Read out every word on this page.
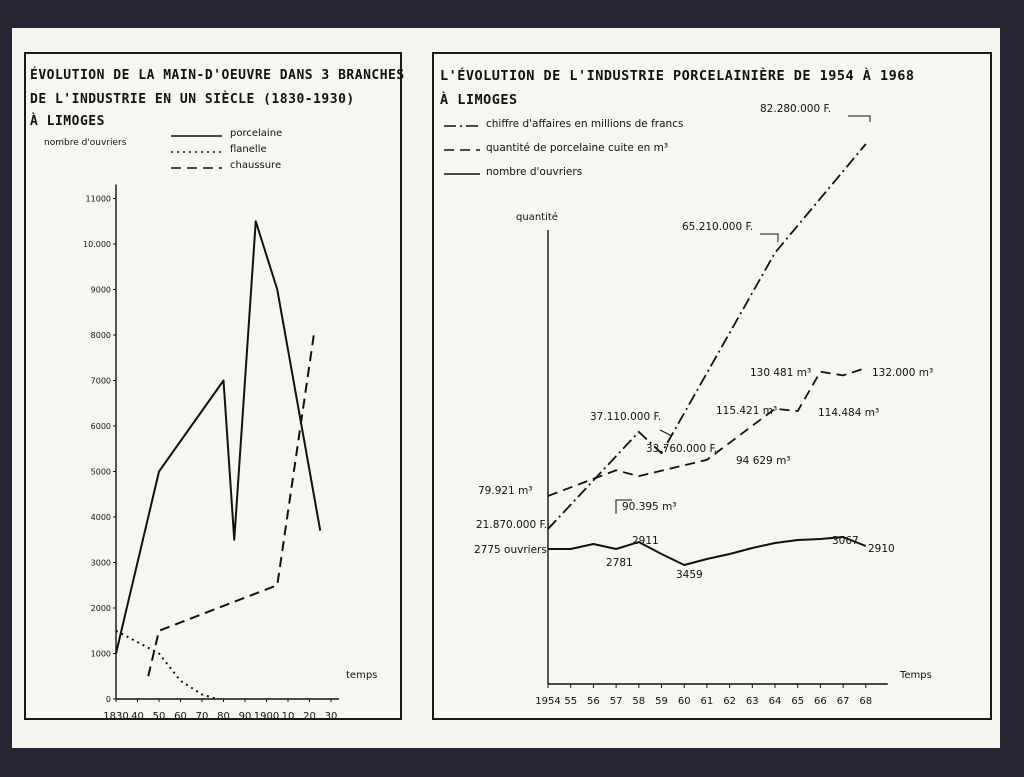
ÉVOLUTION DE LA MAIN-D'OEUVRE DANS 3 BRANCHES
DE L'INDUSTRIE EN UN SIÈCLE (1830-1930)
À LIMOGES
nombre d'ouvriers
temps
porcelaine
flanelle
chaussure
0
1000
2000
3000
4000
5000
6000
7000
8000
9000
10.000
11000
1830 40 50 60 70 80 90 1900 10 20 30
L'ÉVOLUTION DE L'INDUSTRIE PORCELAINIÈRE DE 1954 À 1968
À LIMOGES
chiffre d'affaires en millions de francs
quantité de porcelaine cuite en m³
nombre d'ouvriers
quantité
Temps
1954 55 56 57 58 59 60 61 62 63 64 65 66 67 68
82.280.000 F.
65.210.000 F.
37.110.000 F.
33.760.000 F.
21.870.000 F.
79.921 m³
90.395 m³
94 629 m³
115.421 m³	114.484 m³
130 481 m³	132.000 m³
2775 ouvriers
2781
2911
3459
3067
2910
